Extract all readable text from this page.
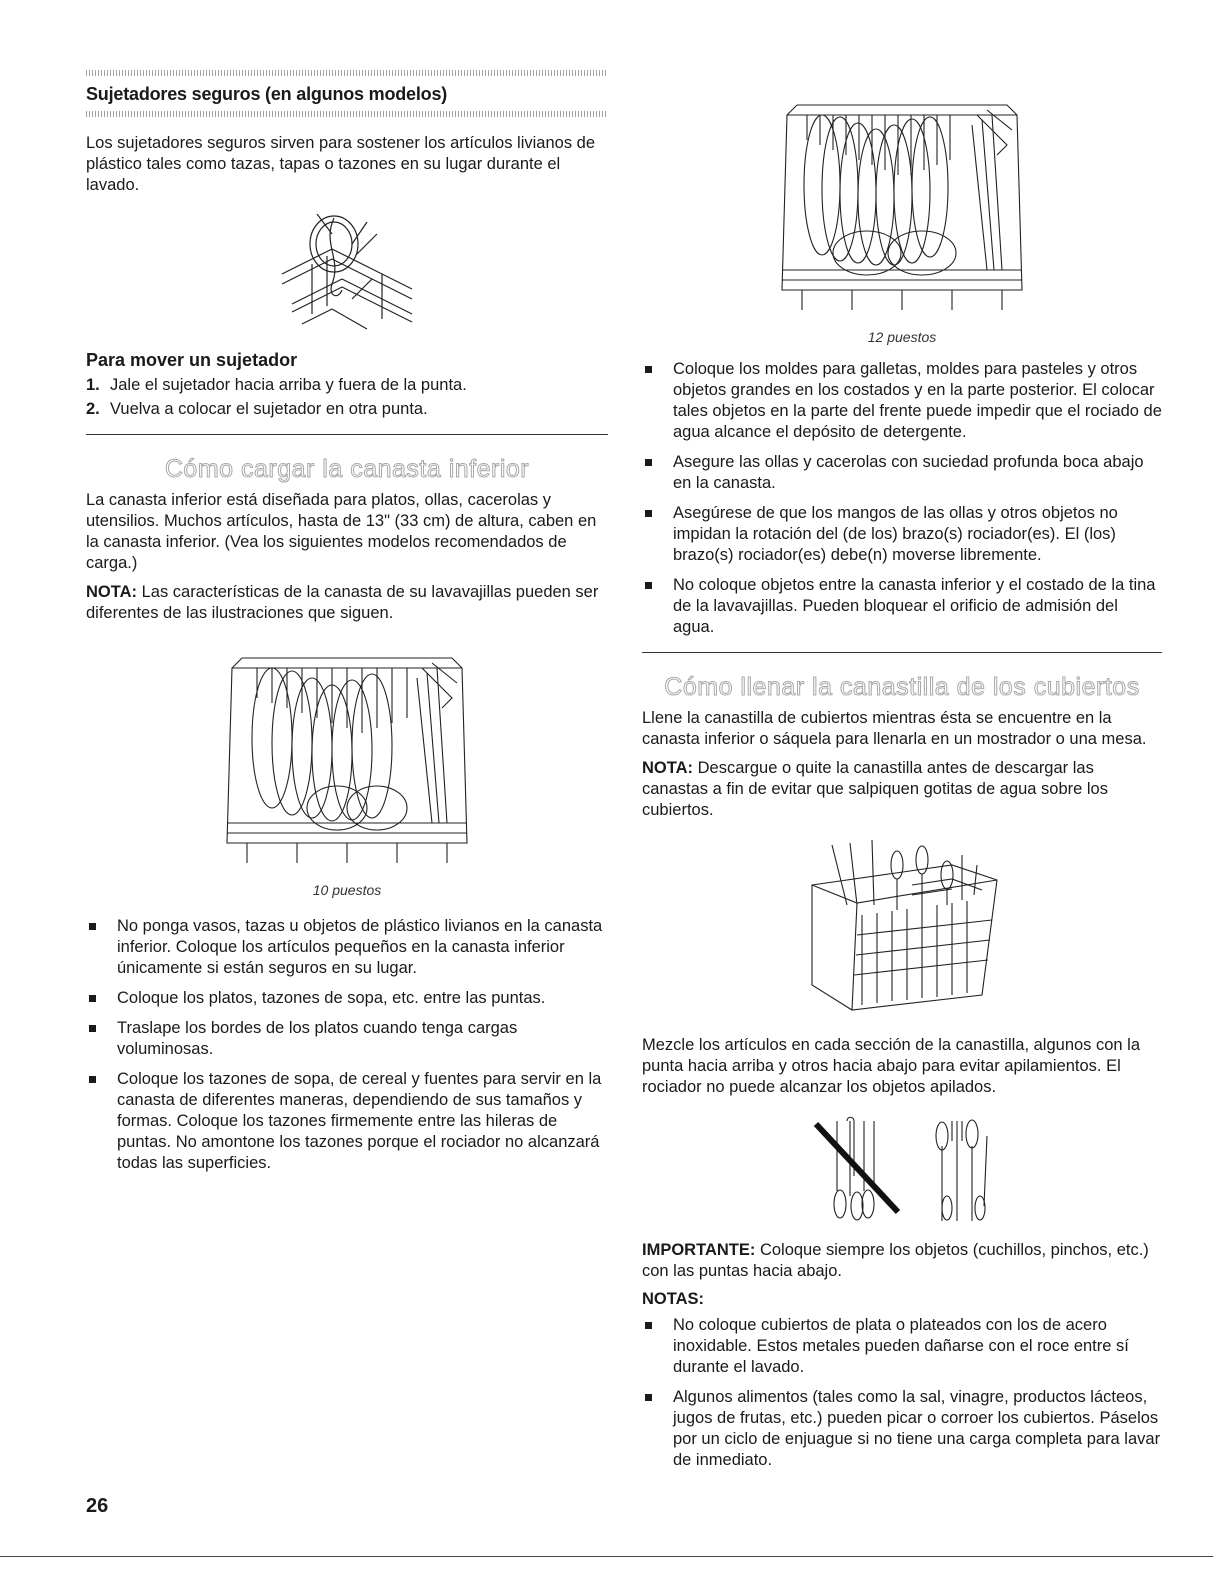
Sujetadores seguros (en algunos modelos)

Los sujetadores seguros sirven para sostener los artículos livianos de plástico tales como tazas, tapas o tazones en su lugar durante el lavado.

Para mover un sujetador
1. Jale el sujetador hacia arriba y fuera de la punta.
2. Vuelva a colocar el sujetador en otra punta.
Cómo cargar la canasta inferior

La canasta inferior está diseñada para platos, ollas, cacerolas y utensilios. Muchos artículos, hasta de 13" (33 cm) de altura, caben en la canasta inferior. (Vea los siguientes modelos recomendados de carga.)

NOTA: Las características de la canasta de su lavavajillas pueden ser diferentes de las ilustraciones que siguen.

10 puestos
No ponga vasos, tazas u objetos de plástico livianos en la canasta inferior. Coloque los artículos pequeños en la canasta inferior únicamente si están seguros en su lugar.
Coloque los platos, tazones de sopa, etc. entre las puntas.
Traslape los bordes de los platos cuando tenga cargas voluminosas.
Coloque los tazones de sopa, de cereal y fuentes para servir en la canasta de diferentes maneras, dependiendo de sus tamaños y formas. Coloque los tazones firmemente entre las hileras de puntas. No amontone los tazones porque el rociador no alcanzará todas las superficies.
12 puestos
Coloque los moldes para galletas, moldes para pasteles y otros objetos grandes en los costados y en la parte posterior. El colocar tales objetos en la parte del frente puede impedir que el rociado de agua alcance el depósito de detergente.
Asegure las ollas y cacerolas con suciedad profunda boca abajo en la canasta.
Asegúrese de que los mangos de las ollas y otros objetos no impidan la rotación del (de los) brazo(s) rociador(es). El (los) brazo(s) rociador(es) debe(n) moverse libremente.
No coloque objetos entre la canasta inferior y el costado de la tina de la lavavajillas. Pueden bloquear el orificio de admisión del agua.
Cómo llenar la canastilla de los cubiertos

Llene la canastilla de cubiertos mientras ésta se encuentre en la canasta inferior o sáquela para llenarla en un mostrador o una mesa.

NOTA: Descargue o quite la canastilla antes de descargar las canastas a fin de evitar que salpiquen gotitas de agua sobre los cubiertos.

Mezcle los artículos en cada sección de la canastilla, algunos con la punta hacia arriba y otros hacia abajo para evitar apilamientos. El rociador no puede alcanzar los objetos apilados.

IMPORTANTE: Coloque siempre los objetos (cuchillos, pinchos, etc.) con las puntas hacia abajo.

NOTAS:
No coloque cubiertos de plata o plateados con los de acero inoxidable. Estos metales pueden dañarse con el roce entre sí durante el lavado.
Algunos alimentos (tales como la sal, vinagre, productos lácteos, jugos de frutas, etc.) pueden picar o corroer los cubiertos. Páselos por un ciclo de enjuague si no tiene una carga completa para lavar de inmediato.
26
